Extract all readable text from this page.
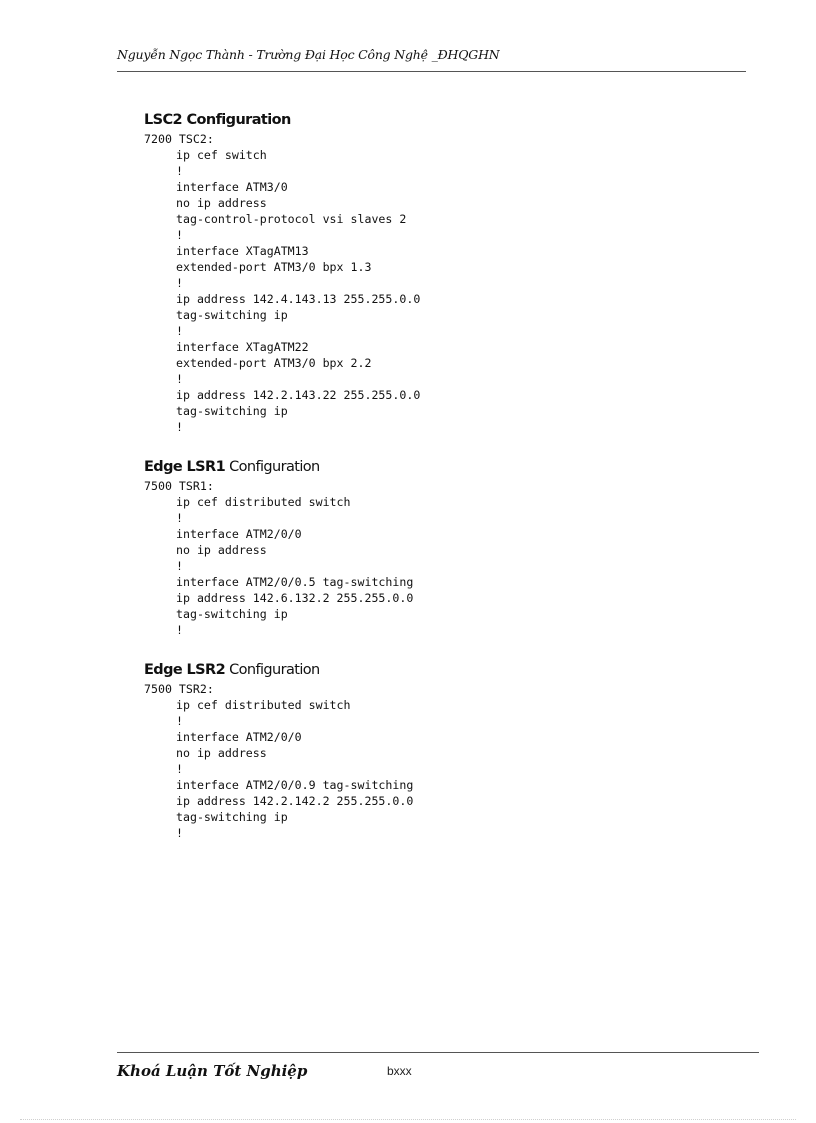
Nguyễn Ngọc Thành - Trường Đại Học Công Nghệ _ĐHQGHN
LSC2 Configuration
7200 TSC2:
ip cef switch
!
interface ATM3/0
no ip address
tag-control-protocol vsi slaves 2
!
interface XTagATM13
extended-port ATM3/0 bpx 1.3
!
ip address 142.4.143.13 255.255.0.0
tag-switching ip
!
interface XTagATM22
extended-port ATM3/0 bpx 2.2
!
ip address 142.2.143.22 255.255.0.0
tag-switching ip
!
Edge LSR1 Configuration
7500 TSR1:
ip cef distributed switch
!
interface ATM2/0/0
no ip address
!
interface ATM2/0/0.5 tag-switching
ip address 142.6.132.2 255.255.0.0
tag-switching ip
!
Edge LSR2 Configuration
7500 TSR2:
ip cef distributed switch
!
interface ATM2/0/0
no ip address
!
interface ATM2/0/0.9 tag-switching
ip address 142.2.142.2 255.255.0.0
tag-switching ip
!
Khoá Luận Tốt Nghiệp	bxxx
